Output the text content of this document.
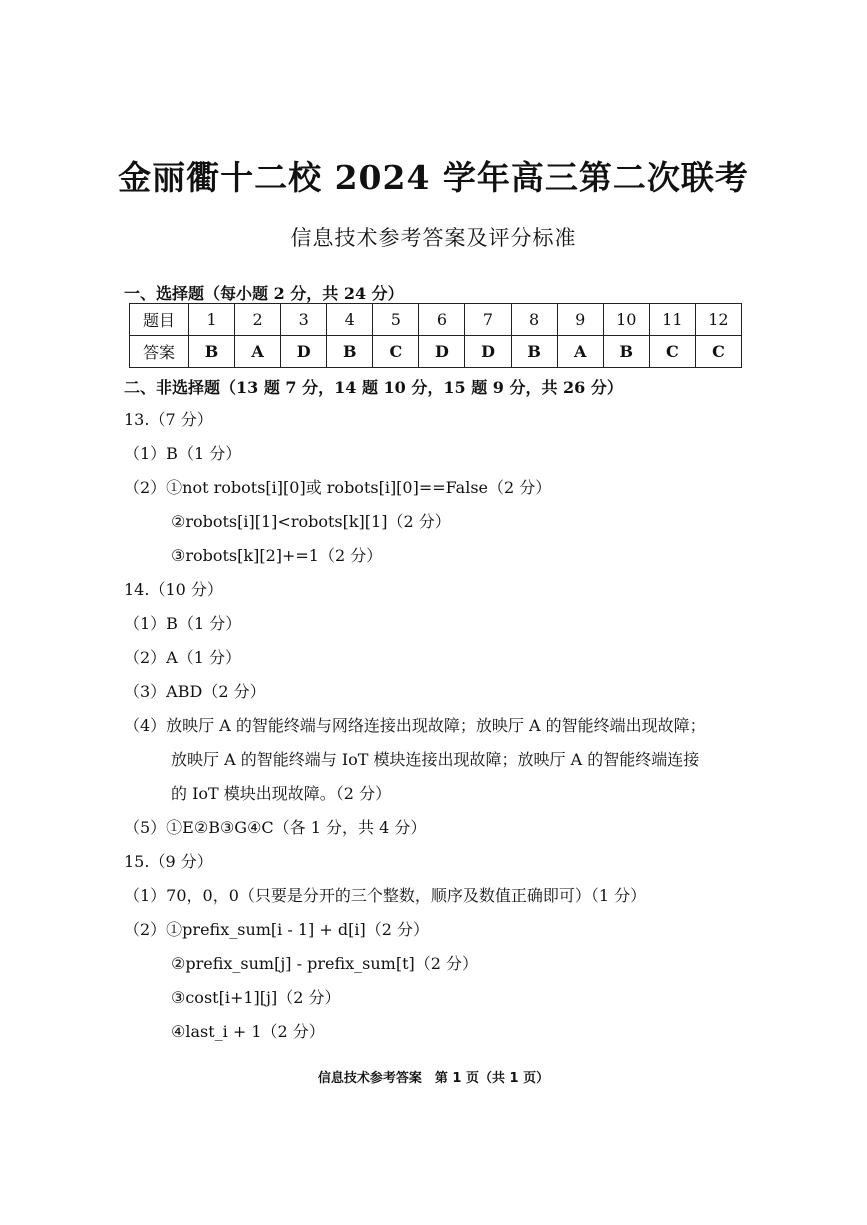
金丽衢十二校 2024 学年高三第二次联考
信息技术参考答案及评分标准
一、选择题（每小题 2 分，共 24 分）
题目	1	2	3	4	5	6	7	8	9	10	11	12
答案	B	A	D	B	C	D	D	B	A	B	C	C
二、非选择题（13 题 7 分，14 题 10 分，15 题 9 分，共 26 分）
13.（7 分）
（1）B（1 分）
（2）①not robots[i][0]或 robots[i][0]==False（2 分）
②robots[i][1]<robots[k][1]（2 分）
③robots[k][2]+=1（2 分）
14.（10 分）
（1）B（1 分）
（2）A（1 分）
（3）ABD（2 分）
（4）放映厅 A 的智能终端与网络连接出现故障；放映厅 A 的智能终端出现故障；
放映厅 A 的智能终端与 IoT 模块连接出现故障；放映厅 A 的智能终端连接
的 IoT 模块出现故障。（2 分）
（5）①E②B③G④C（各 1 分，共 4 分）
15.（9 分）
（1）70，0，0（只要是分开的三个整数，顺序及数值正确即可）（1 分）
（2）①prefix_sum[i - 1] + d[i]（2 分）
②prefix_sum[j] - prefix_sum[t]（2 分）
③cost[i+1][j]（2 分）
④last_i + 1（2 分）
信息技术参考答案　第 1 页（共 1 页）
